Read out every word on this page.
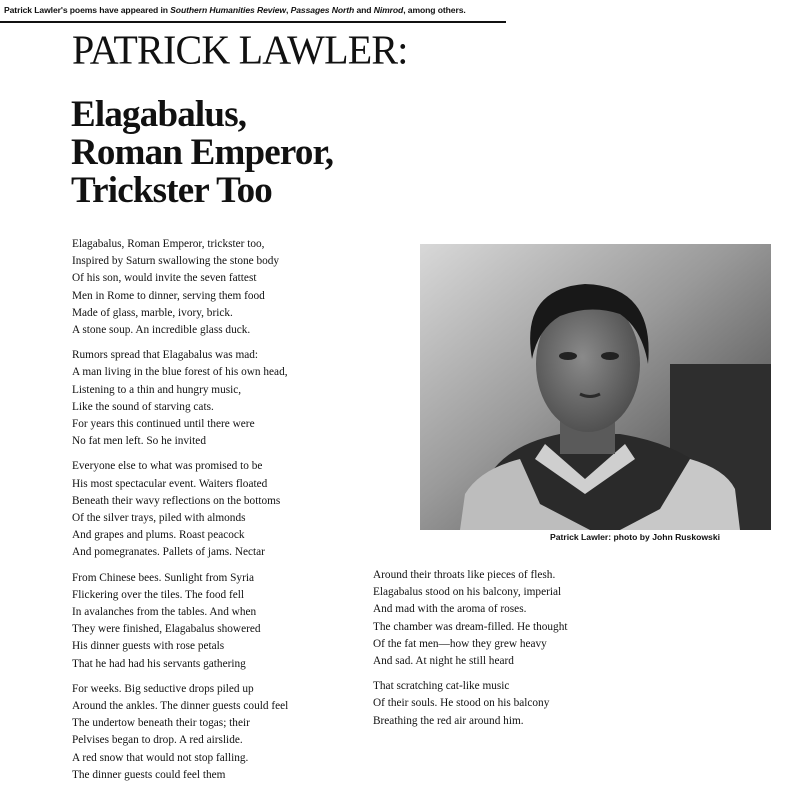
Patrick Lawler's poems have appeared in Southern Humanities Review, Passages North and Nimrod, among others.
PATRICK LAWLER:
Elagabalus,
Roman Emperor,
Trickster Too
Elagabalus, Roman Emperor, trickster too,
Inspired by Saturn swallowing the stone body
Of his son, would invite the seven fattest
Men in Rome to dinner, serving them food
Made of glass, marble, ivory, brick.
A stone soup. An incredible glass duck.
Rumors spread that Elagabalus was mad:
A man living in the blue forest of his own head,
Listening to a thin and hungry music,
Like the sound of starving cats.
For years this continued until there were
No fat men left. So he invited
Everyone else to what was promised to be
His most spectacular event. Waiters floated
Beneath their wavy reflections on the bottoms
Of the silver trays, piled with almonds
And grapes and plums. Roast peacock
And pomegranates. Pallets of jams. Nectar
From Chinese bees. Sunlight from Syria
Flickering over the tiles. The food fell
In avalanches from the tables. And when
They were finished, Elagabalus showered
His dinner guests with rose petals
That he had had his servants gathering
For weeks. Big seductive drops piled up
Around the ankles. The dinner guests could feel
The undertow beneath their togas; their
Pelvises began to drop. A red airslide.
A red snow that would not stop falling.
The dinner guests could feel them
Around their throats like pieces of flesh.
Elagabalus stood on his balcony, imperial
And mad with the aroma of roses.
The chamber was dream-filled. He thought
Of the fat men—how they grew heavy
And sad. At night he still heard
That scratching cat-like music
Of their souls. He stood on his balcony
Breathing the red air around him.
Patrick Lawler: photo by John Ruskowski
